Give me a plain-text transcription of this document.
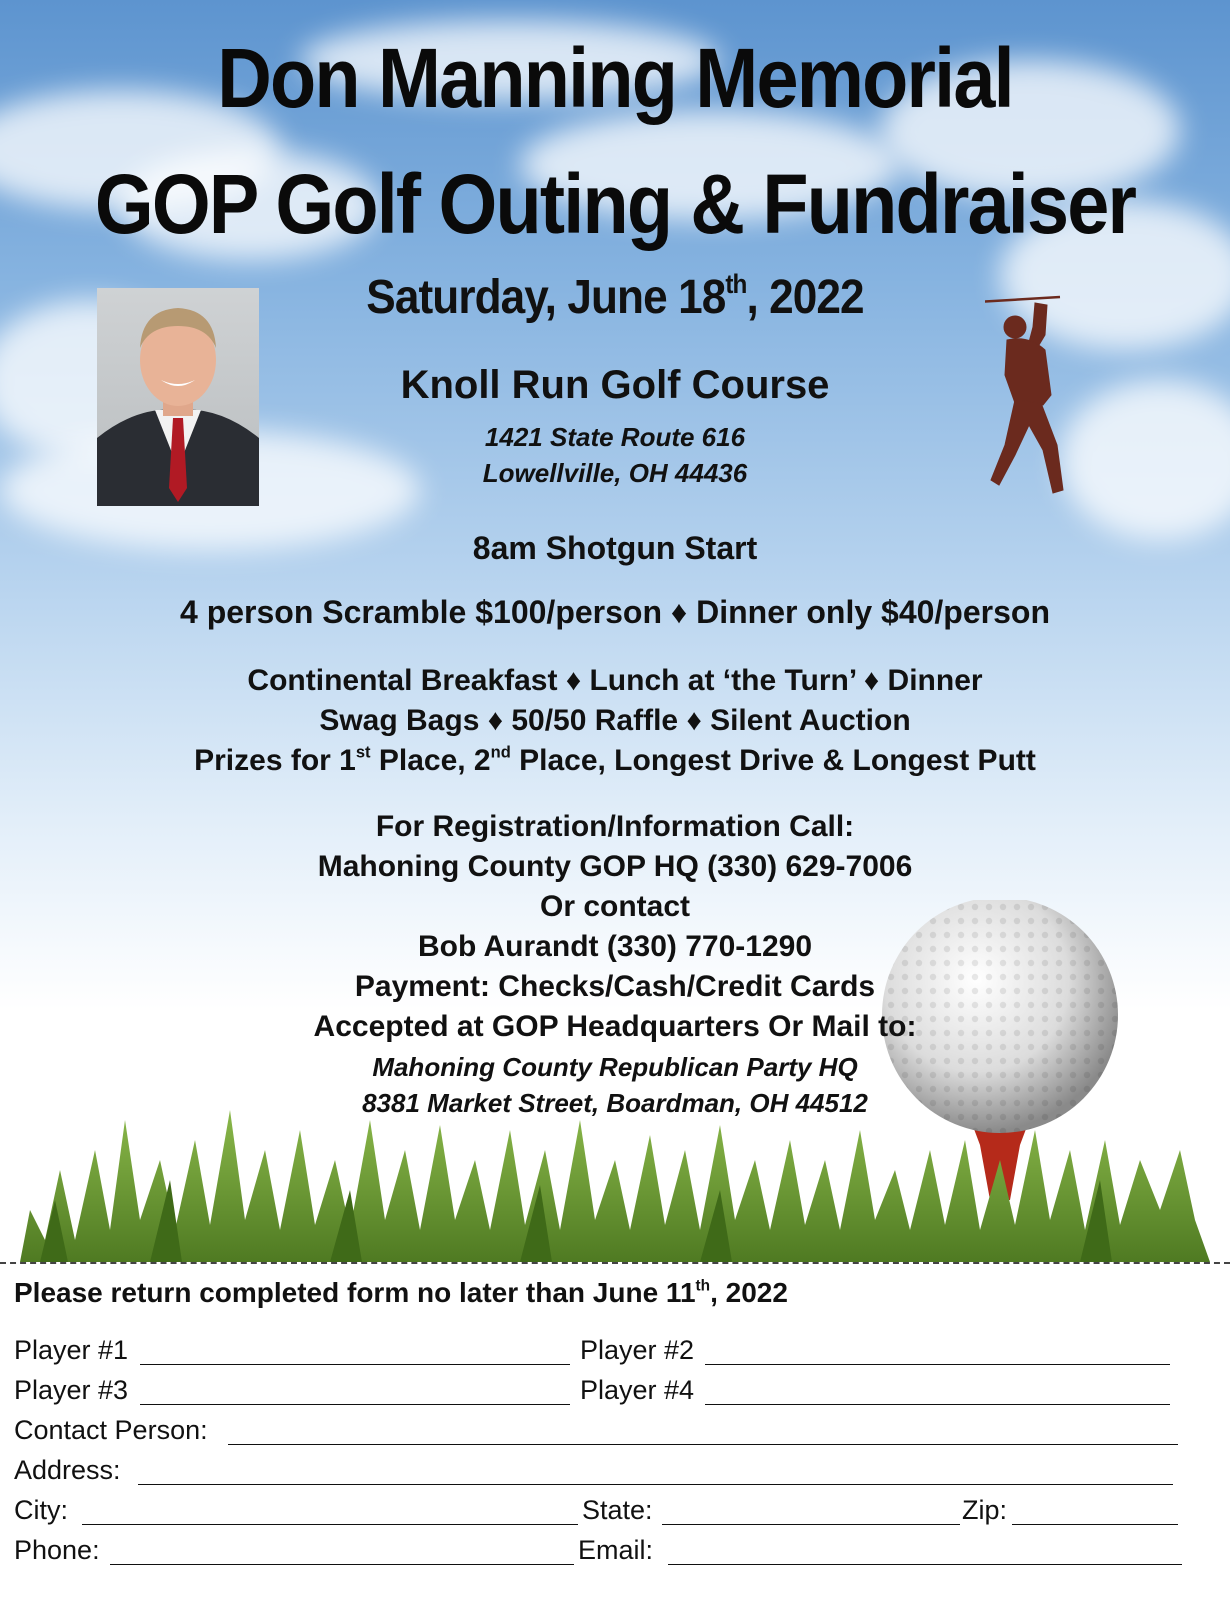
Don Manning Memorial
GOP Golf Outing & Fundraiser
Saturday, June 18th, 2022
Knoll Run Golf Course
1421 State Route 616
Lowellville, OH 44436
8am Shotgun Start
4 person Scramble $100/person ♦ Dinner only $40/person
Continental Breakfast ♦ Lunch at ‘the Turn’ ♦ Dinner
Swag Bags ♦ 50/50 Raffle ♦ Silent Auction
Prizes for 1st Place, 2nd Place, Longest Drive & Longest Putt
For Registration/Information Call:
Mahoning County GOP HQ (330) 629-7006
Or contact
Bob Aurandt (330) 770-1290
Payment: Checks/Cash/Credit Cards
Accepted at GOP Headquarters Or Mail to:
Mahoning County Republican Party HQ
8381 Market Street, Boardman, OH 44512
Please return completed form no later than June 11th, 2022
Player #1	Player #2
Player #3	Player #4
Contact Person:
Address:
City:	State:	Zip:
Phone:	Email:
